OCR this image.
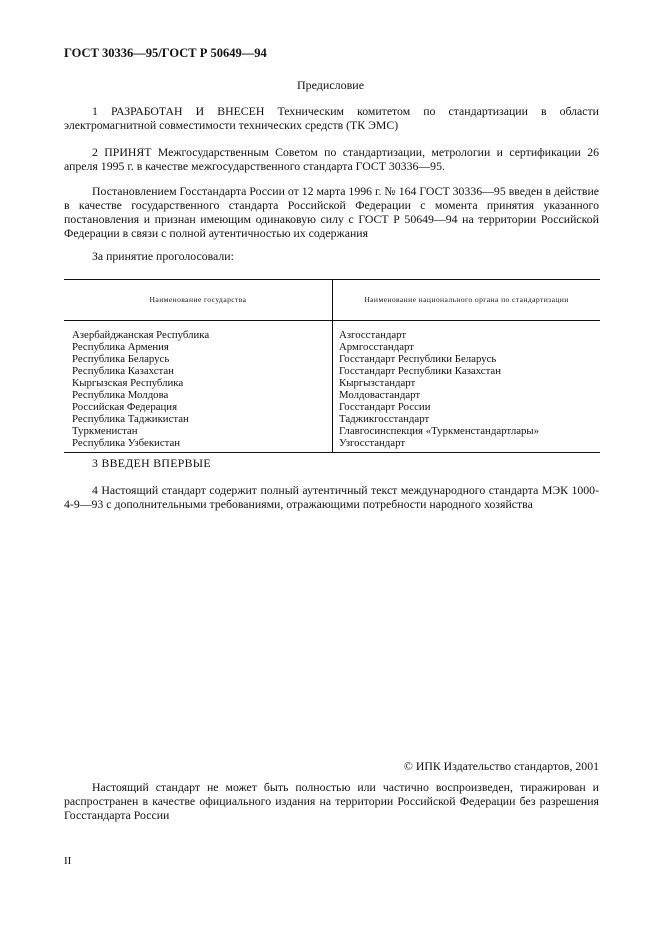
ГОСТ 30336—95/ГОСТ Р 50649—94
Предисловие
1 РАЗРАБОТАН И ВНЕСЕН Техническим комитетом по стандартизации в области электромагнитной совместимости технических средств (ТК ЭМС)
2 ПРИНЯТ Межгосударственным Советом по стандартизации, метрологии и сертификации 26 апреля 1995 г. в качестве межгосударственного стандарта ГОСТ 30336—95.
Постановлением Госстандарта России от 12 марта 1996 г. № 164 ГОСТ 30336—95 введен в действие в качестве государственного стандарта Российской Федерации с момента принятия указанного постановления и признан имеющим одинаковую силу с ГОСТ Р 50649—94 на территории Российской Федерации в связи с полной аутентичностью их содержания
За принятие проголосовали:
Наименование государства	Наименование национального органа по стандартизации
Азербайджанская Республика	Азгосстандарт
Республика Армения	Армгосстандарт
Республика Беларусь	Госстандарт Республики Беларусь
Республика Казахстан	Госстандарт Республики Казахстан
Кыргызская Республика	Кыргызстандарт
Республика Молдова	Молдовастандарт
Российская Федерация	Госстандарт России
Республика Таджикистан	Таджикгосстандарт
Туркменистан	Главгосинспекция «Туркменстандартлары»
Республика Узбекистан	Узгосстандарт
3 ВВЕДЕН ВПЕРВЫЕ
4 Настоящий стандарт содержит полный аутентичный текст международного стандарта МЭК 1000-4-9—93 с дополнительными требованиями, отражающими потребности народного хозяйства
© ИПК Издательство стандартов, 2001
Настоящий стандарт не может быть полностью или частично воспроизведен, тиражирован и распространен в качестве официального издания на территории Российской Федерации без разрешения Госстандарта России
II
